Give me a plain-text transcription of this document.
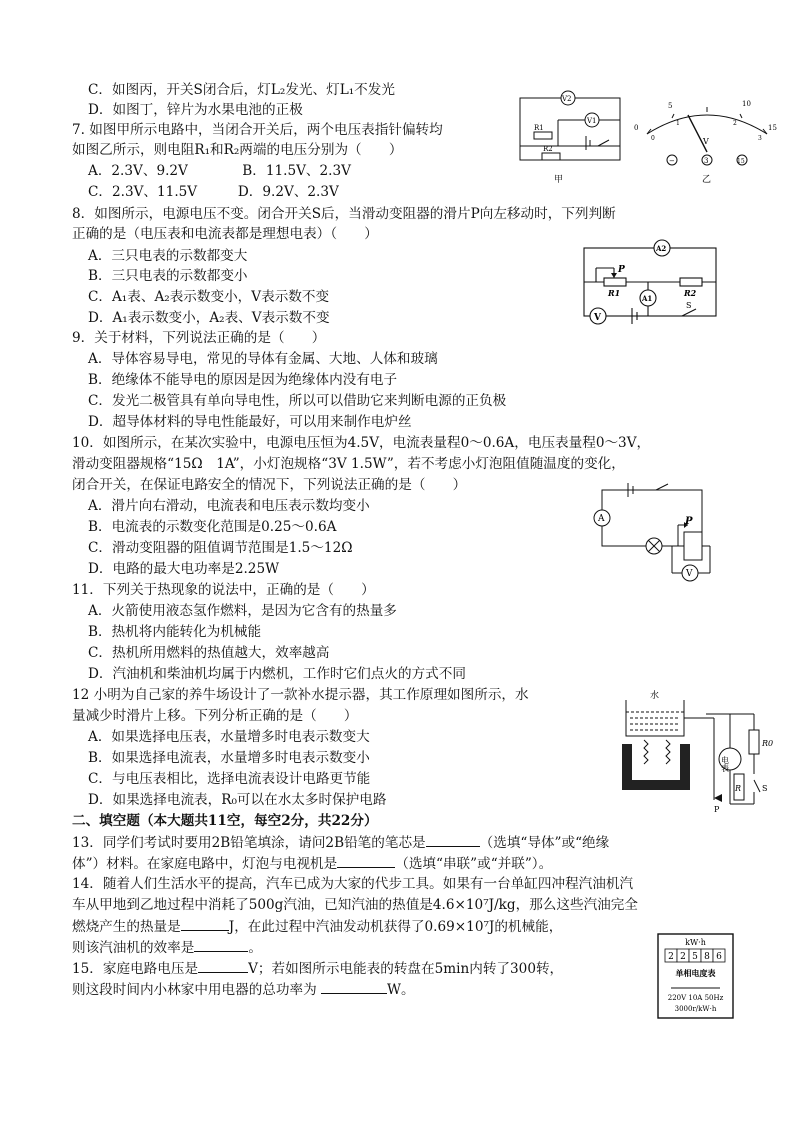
C．如图丙，开关S闭合后，灯L₂发光、灯L₁不发光
D．如图丁，锌片为水果电池的正极
7. 如图甲所示电路中，当闭合开关后，两个电压表指针偏转均
如图乙所示，则电阻R₁和R₂两端的电压分别为（　　）
A．2.3V、9.2V　　　　B．11.5V、2.3V
C．2.3V、11.5V　　　D．9.2V、2.3V
8．如图所示，电源电压不变。闭合开关S后，当滑动变阻器的滑片P向左移动时，下列判断
正确的是（电压表和电流表都是理想电表）（　　）
A．三只电表的示数都变大
B．三只电表的示数都变小
C．A₁表、A₂表示数变小，V表示数不变
D．A₁表示数变小，A₂表、V表示数不变
9．关于材料，下列说法正确的是（　　）
A．导体容易导电，常见的导体有金属、大地、人体和玻璃
B．绝缘体不能导电的原因是因为绝缘体内没有电子
C．发光二极管具有单向导电性，所以可以借助它来判断电源的正负极
D．超导体材料的导电性能最好，可以用来制作电炉丝
10．如图所示，在某次实验中，电源电压恒为4.5V，电流表量程0～0.6A，电压表量程0～3V，
滑动变阻器规格“15Ω　1A”，小灯泡规格“3V 1.5W”，若不考虑小灯泡阻值随温度的变化，
闭合开关，在保证电路安全的情况下，下列说法正确的是（　　）
A．滑片向右滑动，电流表和电压表示数均变小
B．电流表的示数变化范围是0.25～0.6A
C．滑动变阻器的阻值调节范围是1.5～12Ω
D．电路的最大电功率是2.25W
11．下列关于热现象的说法中，正确的是（　　）
A．火箭使用液态氢作燃料，是因为它含有的热量多
B．热机将内能转化为机械能
C．热机所用燃料的热值越大，效率越高
D．汽油机和柴油机均属于内燃机，工作时它们点火的方式不同
12 小明为自己家的养牛场设计了一款补水提示器，其工作原理如图所示，水
量减少时滑片上移。下列分析正确的是（　　）
A．如果选择电压表，水量增多时电表示数变大
B．如果选择电流表，水量增多时电表示数变小
C．与电压表相比，选择电流表设计电路更节能
D．如果选择电流表，R₀可以在水太多时保护电路
二、填空题（本大题共11空，每空2分，共22分）
13．同学们考试时要用2B铅笔填涂，请问2B铅笔的笔芯是	（选填“导体”或“绝缘
体”）材料。在家庭电路中，灯泡与电视机是	（选填“串联”或“并联”）。
14．随着人们生活水平的提高，汽车已成为大家的代步工具。如果有一台单缸四冲程汽油机汽
车从甲地到乙地过程中消耗了500g汽油，已知汽油的热值是4.6×10⁷J/kg，那么这些汽油完全
燃烧产生的热量是	J，在此过程中汽油发动机获得了0.69×10⁷J的机械能，
则该汽油机的效率是	。
15．家庭电路电压是	V；若如图所示电能表的转盘在5min内转了300转，
则这段时间内小林家中用电器的总功率为	W。
V2
V1
R1
R2
甲
0
5	10
15
0
1	2
3
V
−	3	15
乙
A2
P
R1	R2
A1
V
S
A	P
V
水
电表
R0
R	S
P
kW·h
2 2 5 8 6
单相电度表
220V 10A 50Hz
3000r/kW·h
